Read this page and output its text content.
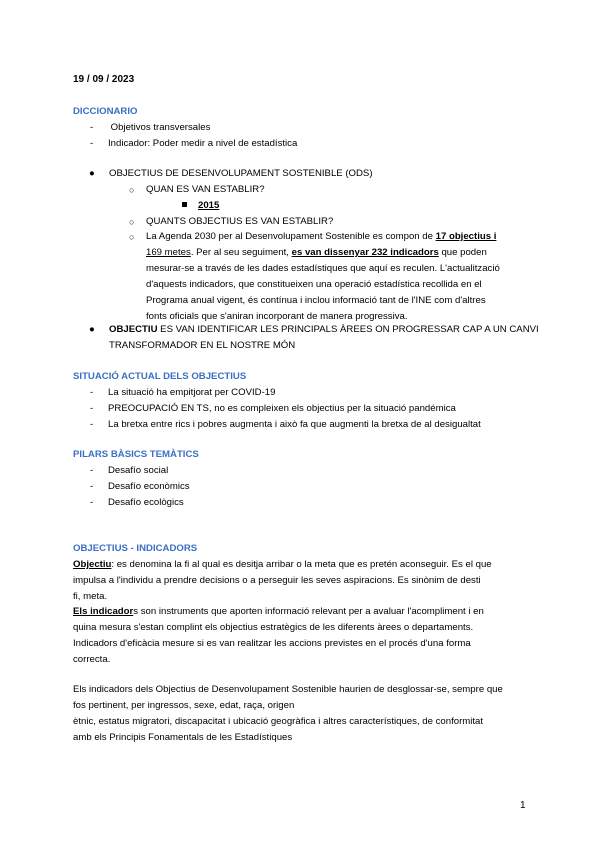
19 / 09 / 2023
DICCIONARIO
- Objetivos transversales
- Indicador: Poder medir a nivel de estadística
● OBJECTIUS DE DESENVOLUPAMENT SOSTENIBLE (ODS)
○ QUAN ES VAN ESTABLIR?
2015
○ QUANTS OBJECTIUS ES VAN ESTABLIR?
○ La Agenda 2030 per al Desenvolupament Sostenible es compon de 17 objectius i
169 metes. Per al seu seguiment, es van dissenyar 232 indicadors que poden
mesurar-se a través de les dades estadístiques que aquí es reculen. L'actualització
d'aquests indicadors, que constitueixen una operació estadística recollida en el
Programa anual vigent, és contínua i inclou informació tant de l'INE com d'altres
fonts oficials que s'aniran incorporant de manera progressiva.
● OBJECTIU ES VAN IDENTIFICAR LES PRINCIPALS ÀREES ON PROGRESSAR CAP A UN CANVI
TRANSFORMADOR EN EL NOSTRE MÓN
SITUACIÓ ACTUAL DELS OBJECTIUS
- La situació ha empitjorat per COVID-19
- PREOCUPACIÓ EN TS, no es compleixen els objectius per la situació pandémica
- La bretxa entre rics i pobres augmenta i això fa que augmenti la bretxa de al desigualtat
PILARS BÀSICS TEMÀTICS
- Desafío social
- Desafío econòmics
- Desafío ecològics
OBJECTIUS - INDICADORS
Objectiu: es denomina la fi al qual es desitja arribar o la meta que es pretén aconseguir. Es el que
impulsa a l'individu a prendre decisions o a perseguir les seves aspiracions. Es sinònim de desti
fi, meta.
Els indicadors son instruments que aporten informació relevant per a avaluar l'acompliment i en
quina mesura s'estan complint els objectius estratègics de les diferents àrees o departaments.
Indicadors d'eficàcia mesure si es van realitzar les accions previstes en el procés d'una forma
correcta.
Els indicadors dels Objectius de Desenvolupament Sostenible haurien de desglossar-se, sempre que
fos pertinent, per ingressos, sexe, edat, raça, origen
ètnic, estatus migratori, discapacitat i ubicació geogràfica i altres característiques, de conformitat
amb els Principis Fonamentals de les Estadístiques
1
